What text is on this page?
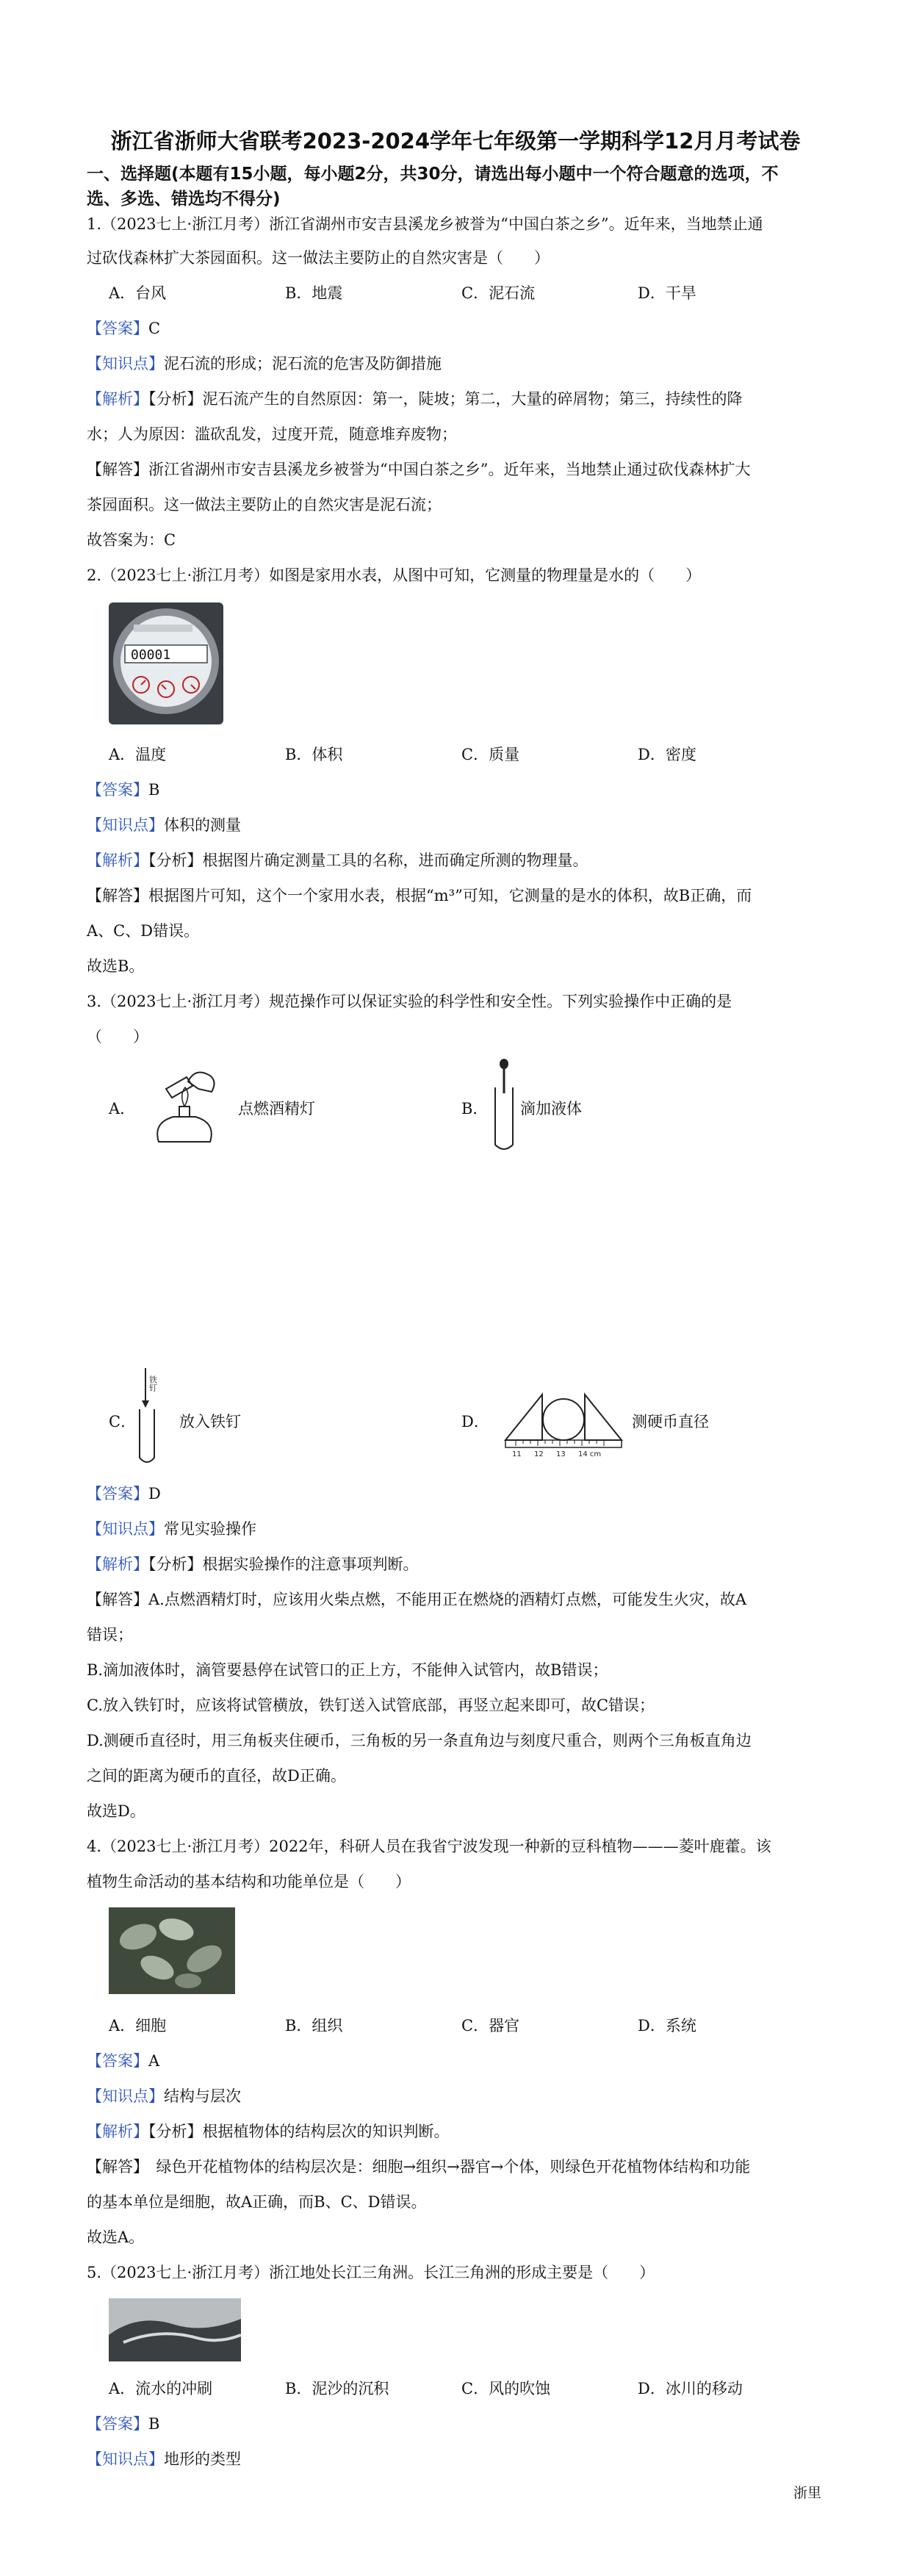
浙江省浙师大省联考2023-2024学年七年级第一学期科学12月月考试卷
一、选择题(本题有15小题，每小题2分，共30分，请选出每小题中一个符合题意的选项，不
选、多选、错选均不得分)
1.（2023七上·浙江月考）浙江省湖州市安吉县溪龙乡被誉为“中国白茶之乡”。近年来，当地禁止通
过砍伐森林扩大茶园面积。这一做法主要防止的自然灾害是（　　）
A．台风	B．地震	C．泥石流	D．干旱
【答案】C
【知识点】泥石流的形成；泥石流的危害及防御措施
【解析】【分析】泥石流产生的自然原因：第一，陡坡；第二，大量的碎屑物；第三，持续性的降
水；人为原因：滥砍乱发，过度开荒，随意堆弃废物；
【解答】浙江省湖州市安吉县溪龙乡被誉为“中国白茶之乡”。近年来，当地禁止通过砍伐森林扩大
茶园面积。这一做法主要防止的自然灾害是泥石流；
故答案为：C
2.（2023七上·浙江月考）如图是家用水表，从图中可知，它测量的物理量是水的（　　）
00001
A．温度	B．体积	C．质量	D．密度
【答案】B
【知识点】体积的测量
【解析】【分析】根据图片确定测量工具的名称，进而确定所测的物理量。
【解答】根据图片可知，这个一个家用水表，根据“m³”可知，它测量的是水的体积，故B正确，而
A、C、D错误。
故选B。
3.（2023七上·浙江月考）规范操作可以保证实验的科学性和安全性。下列实验操作中正确的是
（　　）
A．	点燃酒精灯	B． 滴加液体
C．
铁钉
放入铁钉	D．
11 12 13 14 cm
测硬币直径
【答案】D
【知识点】常见实验操作
【解析】【分析】根据实验操作的注意事项判断。
【解答】A.点燃酒精灯时，应该用火柴点燃，不能用正在燃烧的酒精灯点燃，可能发生火灾，故A
错误；
B.滴加液体时，滴管要悬停在试管口的正上方，不能伸入试管内，故B错误；
C.放入铁钉时，应该将试管横放，铁钉送入试管底部，再竖立起来即可，故C错误；
D.测硬币直径时，用三角板夹住硬币，三角板的另一条直角边与刻度尺重合，则两个三角板直角边
之间的距离为硬币的直径，故D正确。
故选D。
4.（2023七上·浙江月考）2022年，科研人员在我省宁波发现一种新的豆科植物———菱叶鹿藿。该
植物生命活动的基本结构和功能单位是（　　）
A．细胞	B．组织	C．器官	D．系统
【答案】A
【知识点】结构与层次
【解析】【分析】根据植物体的结构层次的知识判断。
【解答】　绿色开花植物体的结构层次是：细胞→组织→器官→个体，则绿色开花植物体结构和功能
的基本单位是细胞，故A正确，而B、C、D错误。
故选A。
5.（2023七上·浙江月考）浙江地处长江三角洲。长江三角洲的形成主要是（　　）
A．流水的冲刷	B．泥沙的沉积	C．风的吹蚀	D．冰川的移动
【答案】B
【知识点】地形的类型
浙里
